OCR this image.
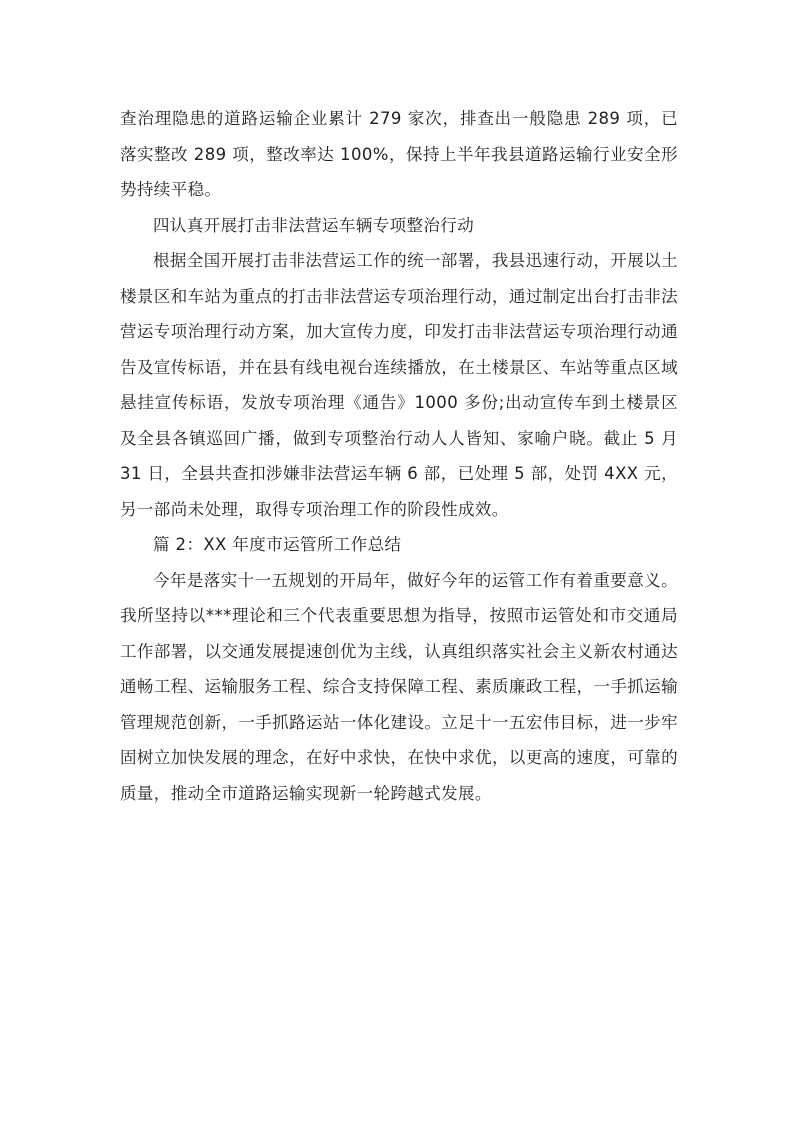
查治理隐患的道路运输企业累计 279 家次，排查出一般隐患 289 项，已落实整改 289 项，整改率达 100%，保持上半年我县道路运输行业安全形势持续平稳。

四认真开展打击非法营运车辆专项整治行动

根据全国开展打击非法营运工作的统一部署，我县迅速行动，开展以土楼景区和车站为重点的打击非法营运专项治理行动，通过制定出台打击非法营运专项治理行动方案，加大宣传力度，印发打击非法营运专项治理行动通告及宣传标语，并在县有线电视台连续播放，在土楼景区、车站等重点区域悬挂宣传标语，发放专项治理《通告》1000 多份;出动宣传车到土楼景区及全县各镇巡回广播，做到专项整治行动人人皆知、家喻户晓。截止 5 月 31 日，全县共查扣涉嫌非法营运车辆 6 部，已处理 5 部，处罚 4XX 元，另一部尚未处理，取得专项治理工作的阶段性成效。

篇 2：XX 年度市运管所工作总结

今年是落实十一五规划的开局年，做好今年的运管工作有着重要意义。我所坚持以***理论和三个代表重要思想为指导，按照市运管处和市交通局工作部署，以交通发展提速创优为主线，认真组织落实社会主义新农村通达通畅工程、运输服务工程、综合支持保障工程、素质廉政工程，一手抓运输管理规范创新，一手抓路运站一体化建设。立足十一五宏伟目标，进一步牢固树立加快发展的理念，在好中求快，在快中求优，以更高的速度，可靠的质量，推动全市道路运输实现新一轮跨越式发展。
